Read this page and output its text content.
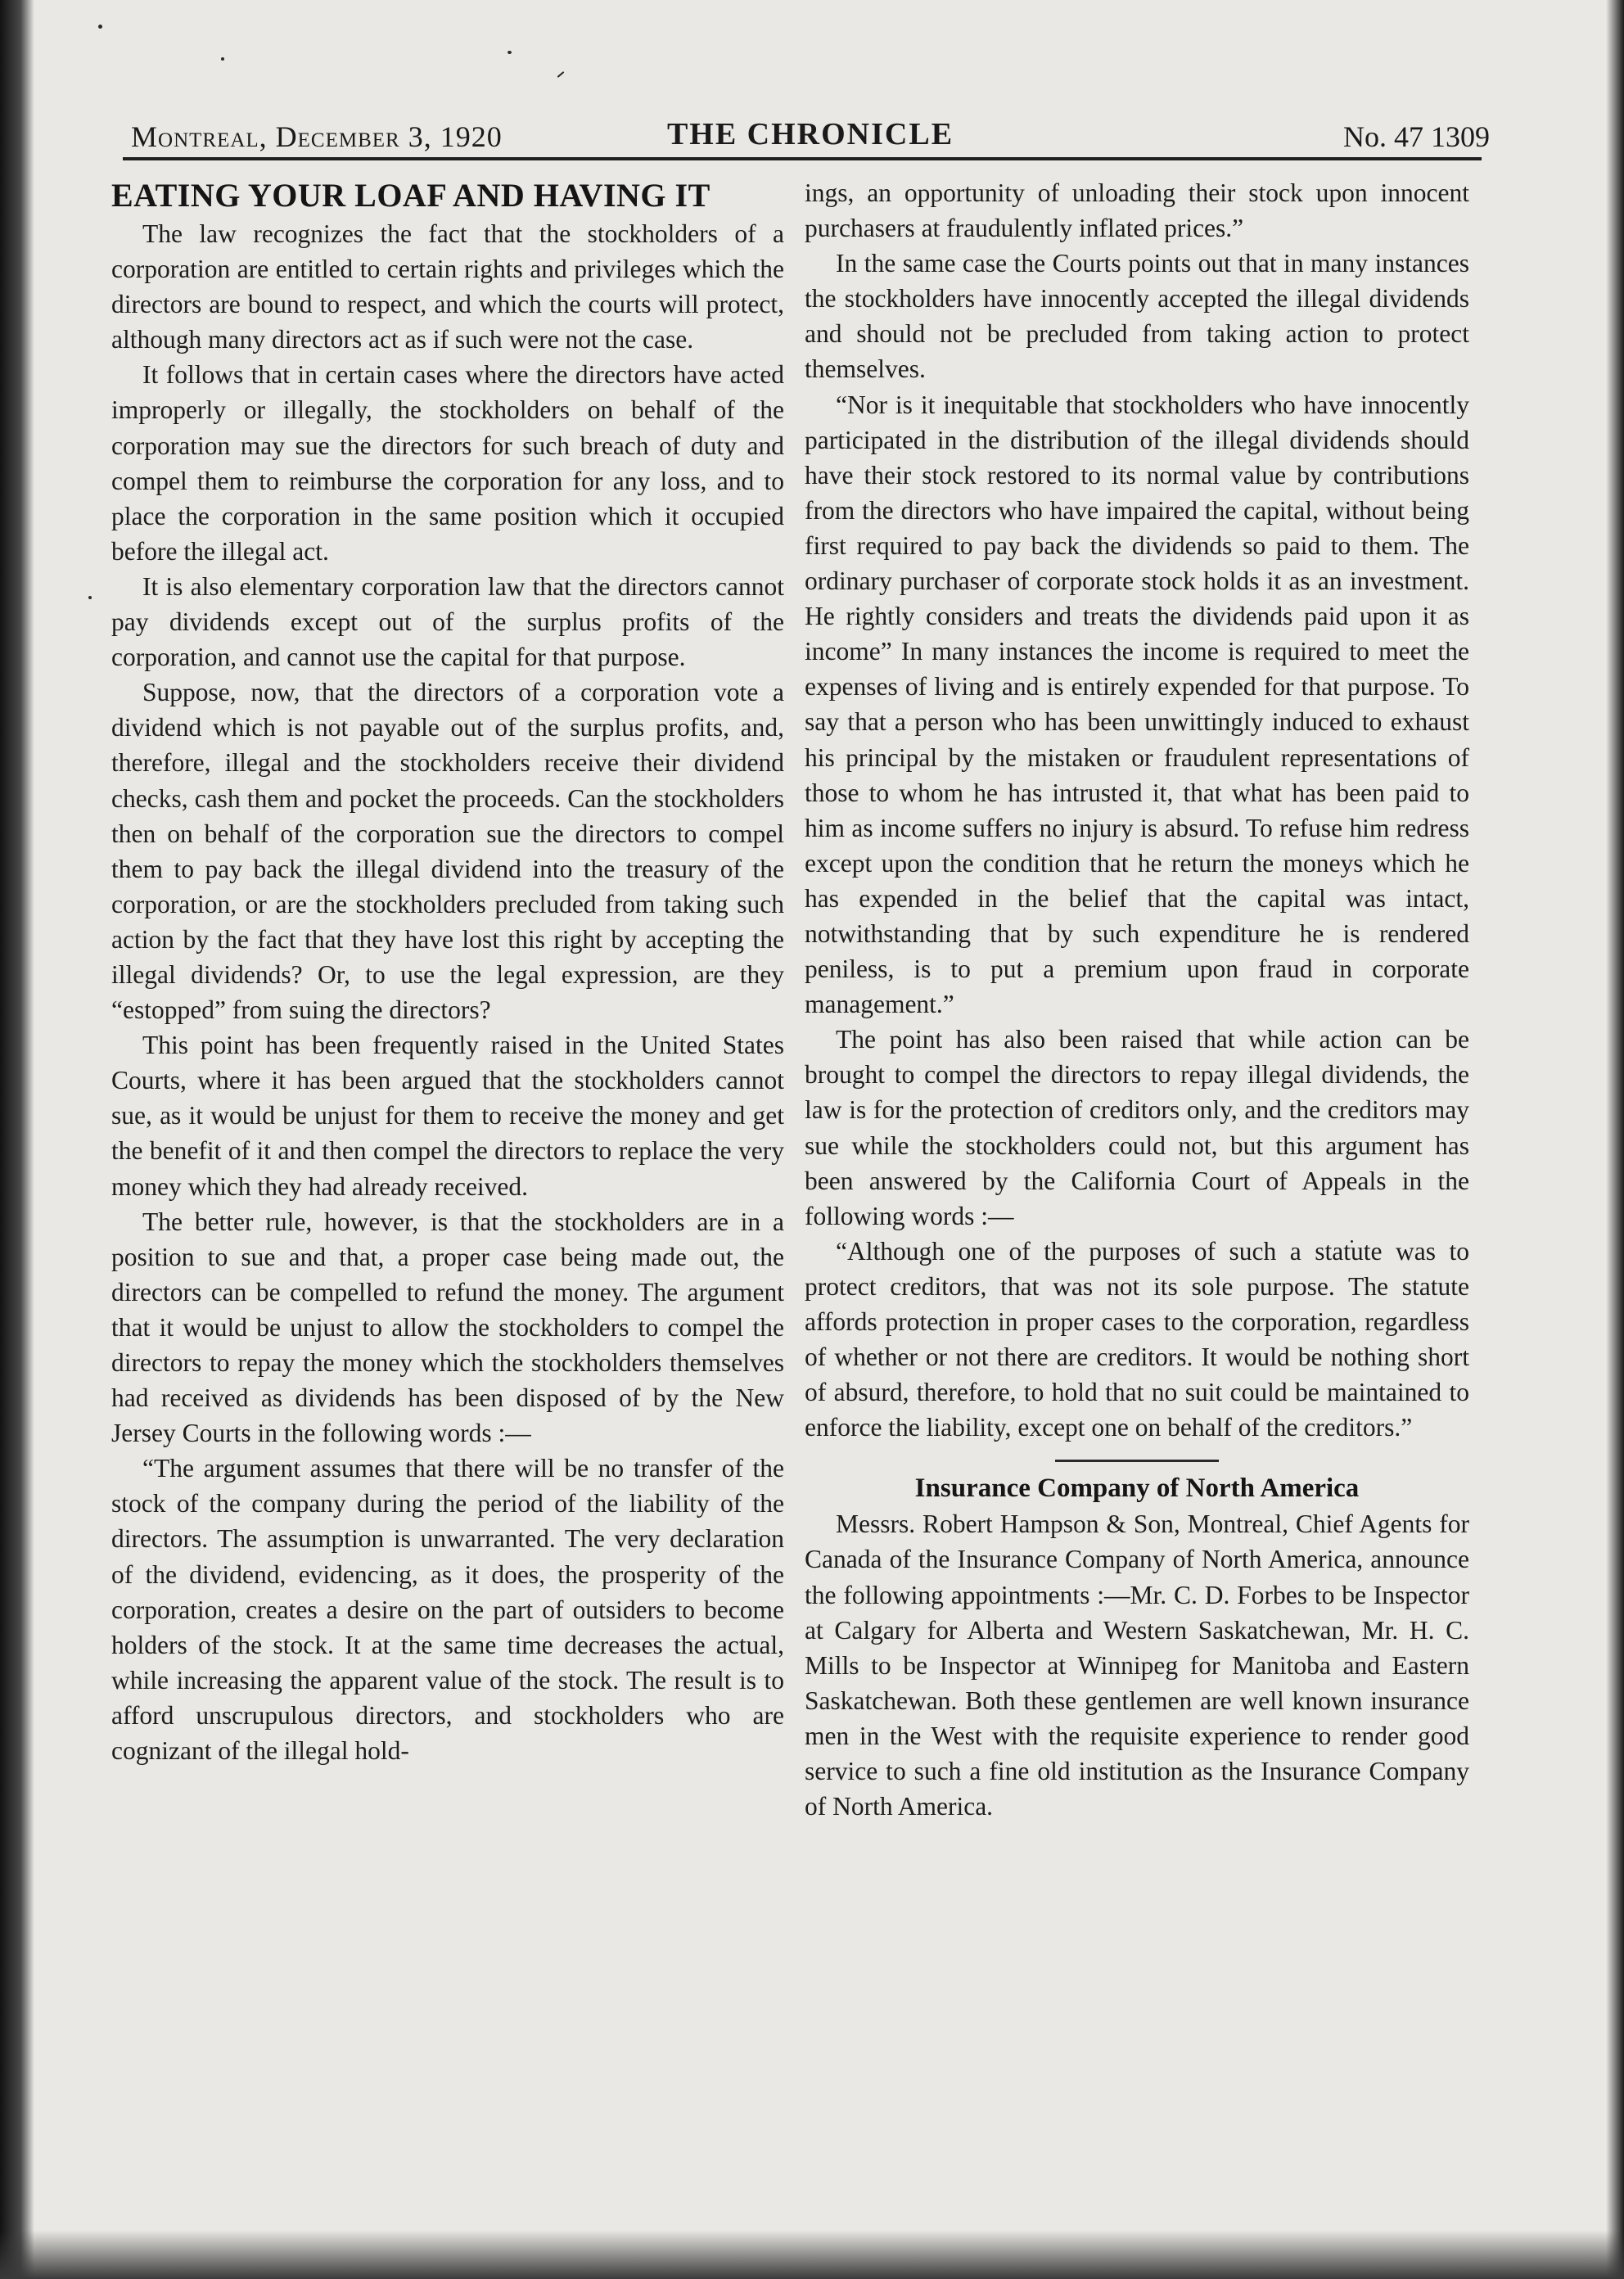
Montreal, December 3, 1920	THE CHRONICLE	No. 47 1309
EATING YOUR LOAF AND HAVING IT

The law recognizes the fact that the stockholders of a corporation are entitled to certain rights and privileges which the directors are bound to respect, and which the courts will protect, although many directors act as if such were not the case.

It follows that in certain cases where the directors have acted improperly or illegally, the stockholders on behalf of the corporation may sue the directors for such breach of duty and compel them to reimburse the corporation for any loss, and to place the corporation in the same position which it occupied before the illegal act.

It is also elementary corporation law that the directors cannot pay dividends except out of the surplus profits of the corporation, and cannot use the capital for that purpose.

Suppose, now, that the directors of a corporation vote a dividend which is not payable out of the surplus profits, and, therefore, illegal and the stockholders receive their dividend checks, cash them and pocket the proceeds. Can the stockholders then on behalf of the corporation sue the directors to compel them to pay back the illegal dividend into the treasury of the corporation, or are the stockholders precluded from taking such action by the fact that they have lost this right by accepting the illegal dividends? Or, to use the legal expression, are they “estopped” from suing the directors?

This point has been frequently raised in the United States Courts, where it has been argued that the stockholders cannot sue, as it would be unjust for them to receive the money and get the benefit of it and then compel the directors to replace the very money which they had already received.

The better rule, however, is that the stockholders are in a position to sue and that, a proper case being made out, the directors can be compelled to refund the money. The argument that it would be unjust to allow the stockholders to compel the directors to repay the money which the stockholders themselves had received as dividends has been disposed of by the New Jersey Courts in the following words :—

“The argument assumes that there will be no transfer of the stock of the company during the period of the liability of the directors. The assumption is unwarranted. The very declaration of the dividend, evidencing, as it does, the prosperity of the corporation, creates a desire on the part of outsiders to become holders of the stock. It at the same time decreases the actual, while increasing the apparent value of the stock. The result is to afford unscrupulous directors, and stockholders who are cognizant of the illegal hold-

ings, an opportunity of unloading their stock upon innocent purchasers at fraudulently inflated prices.”

In the same case the Courts points out that in many instances the stockholders have innocently accepted the illegal dividends and should not be precluded from taking action to protect themselves.

“Nor is it inequitable that stockholders who have innocently participated in the distribution of the illegal dividends should have their stock restored to its normal value by contributions from the directors who have impaired the capital, without being first required to pay back the dividends so paid to them. The ordinary purchaser of corporate stock holds it as an investment. He rightly considers and treats the dividends paid upon it as income” In many instances the income is required to meet the expenses of living and is entirely expended for that purpose. To say that a person who has been unwittingly induced to exhaust his principal by the mistaken or fraudulent representations of those to whom he has intrusted it, that what has been paid to him as income suffers no injury is absurd. To refuse him redress except upon the condition that he return the moneys which he has expended in the belief that the capital was intact, notwithstanding that by such expenditure he is rendered peniless, is to put a premium upon fraud in corporate management.”

The point has also been raised that while action can be brought to compel the directors to repay illegal dividends, the law is for the protection of creditors only, and the creditors may sue while the stockholders could not, but this argument has been answered by the California Court of Appeals in the following words :—

“Although one of the purposes of such a statute was to protect creditors, that was not its sole purpose. The statute affords protection in proper cases to the corporation, regardless of whether or not there are creditors. It would be nothing short of absurd, therefore, to hold that no suit could be maintained to enforce the liability, except one on behalf of the creditors.”

Insurance Company of North America

Messrs. Robert Hampson & Son, Montreal, Chief Agents for Canada of the Insurance Company of North America, announce the following appointments :—Mr. C. D. Forbes to be Inspector at Calgary for Alberta and Western Saskatchewan, Mr. H. C. Mills to be Inspector at Winnipeg for Manitoba and Eastern Saskatchewan. Both these gentlemen are well known insurance men in the West with the requisite experience to render good service to such a fine old institution as the Insurance Company of North America.
